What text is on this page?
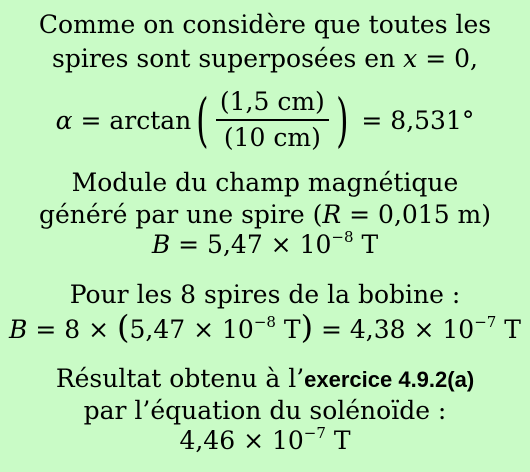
Comme on considère que toutes les
spires sont superposées en x = 0,
α = arctan ( $\frac{(1,5 cm)}{(10 cm)}$ ) = 8,531°
Module du champ magnétique
généré par une spire (R = 0,015 m)
$B = 5,47 \times 10^{-8}$ T
Pour les 8 spires de la bobine :
$B = 8 \times (5,47 \times 10^{-8}$ $T) = 4,38 \times 10^{-7}$ T
Résultat obtenu à l’exercice 4.9.2(a)
par l’équation du solénoïde :
$4,46 \times 10^{-7}$ T
